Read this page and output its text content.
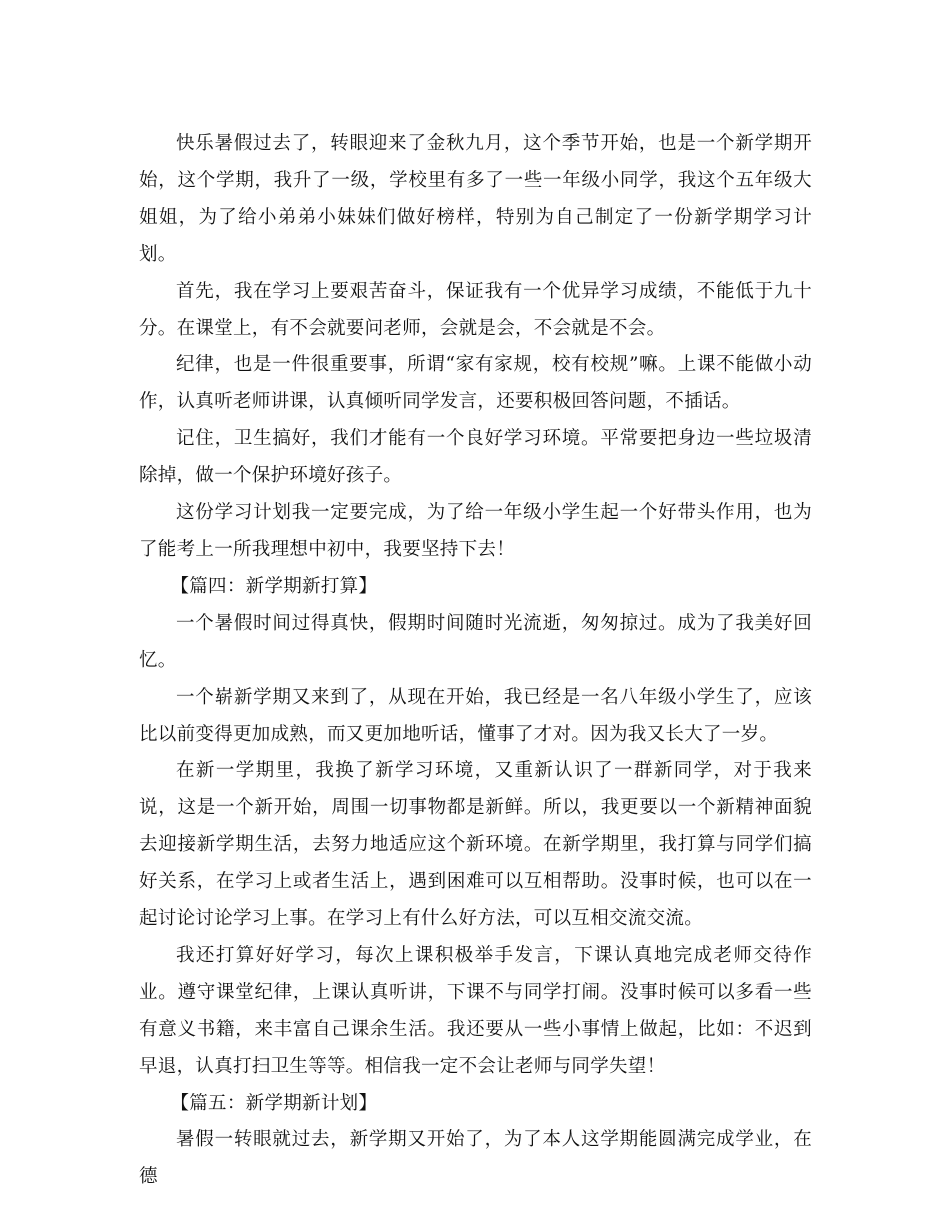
快乐暑假过去了，转眼迎来了金秋九月，这个季节开始，也是一个新学期开始，这个学期，我升了一级，学校里有多了一些一年级小同学，我这个五年级大姐姐，为了给小弟弟小妹妹们做好榜样，特别为自己制定了一份新学期学习计划。

首先，我在学习上要艰苦奋斗，保证我有一个优异学习成绩，不能低于九十分。在课堂上，有不会就要问老师，会就是会，不会就是不会。

纪律，也是一件很重要事，所谓“家有家规，校有校规”嘛。上课不能做小动作，认真听老师讲课，认真倾听同学发言，还要积极回答问题，不插话。

记住，卫生搞好，我们才能有一个良好学习环境。平常要把身边一些垃圾清除掉，做一个保护环境好孩子。

这份学习计划我一定要完成，为了给一年级小学生起一个好带头作用，也为了能考上一所我理想中初中，我要坚持下去！

【篇四：新学期新打算】

一个暑假时间过得真快，假期时间随时光流逝，匆匆掠过。成为了我美好回忆。

一个崭新学期又来到了，从现在开始，我已经是一名八年级小学生了，应该比以前变得更加成熟，而又更加地听话，懂事了才对。因为我又长大了一岁。

在新一学期里，我换了新学习环境，又重新认识了一群新同学，对于我来说，这是一个新开始，周围一切事物都是新鲜。所以，我更要以一个新精神面貌去迎接新学期生活，去努力地适应这个新环境。在新学期里，我打算与同学们搞好关系，在学习上或者生活上，遇到困难可以互相帮助。没事时候，也可以在一起讨论讨论学习上事。在学习上有什么好方法，可以互相交流交流。

我还打算好好学习，每次上课积极举手发言，下课认真地完成老师交待作业。遵守课堂纪律，上课认真听讲，下课不与同学打闹。没事时候可以多看一些有意义书籍，来丰富自己课余生活。我还要从一些小事情上做起，比如：不迟到早退，认真打扫卫生等等。相信我一定不会让老师与同学失望！

【篇五：新学期新计划】

暑假一转眼就过去，新学期又开始了，为了本人这学期能圆满完成学业，在德
